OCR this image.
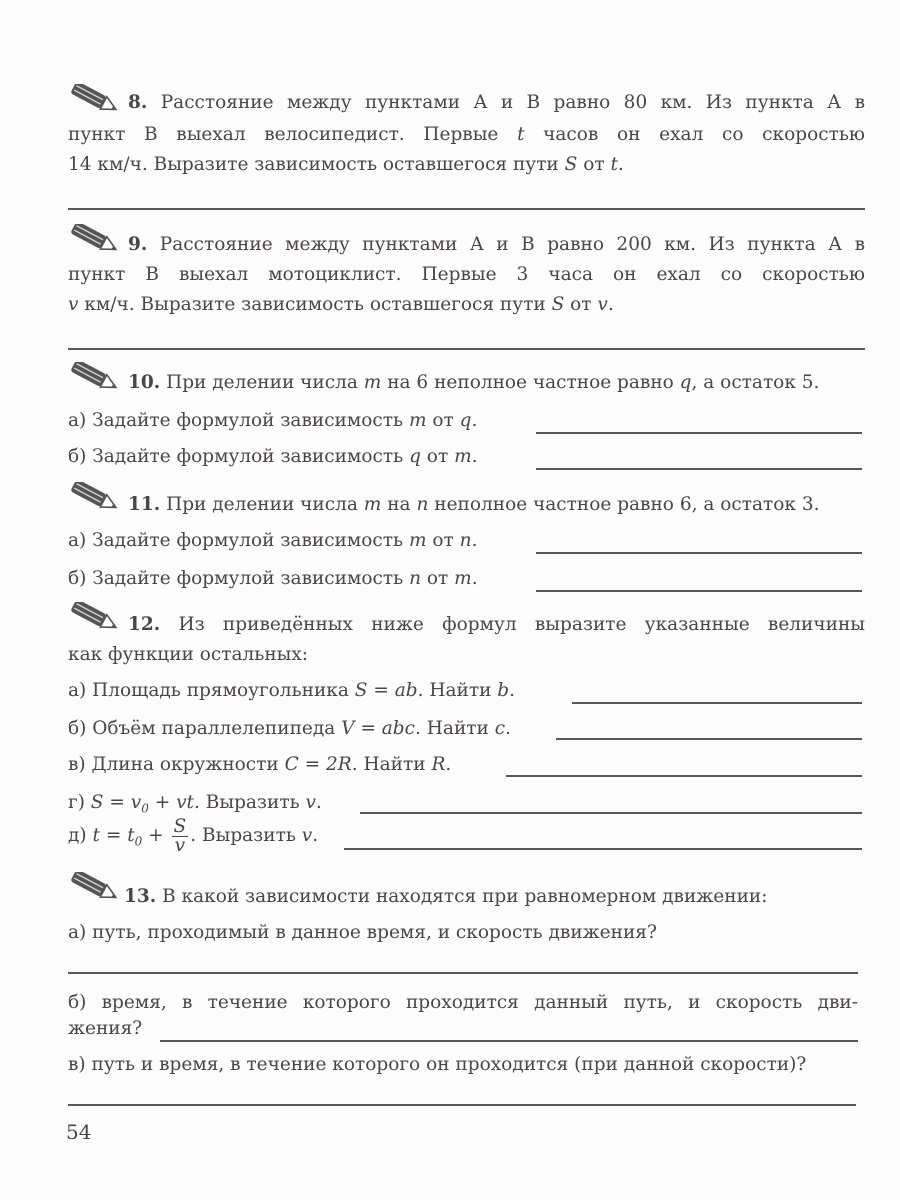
8. Расстояние между пунктами А и В равно 80 км. Из пункта А в
пункт В выехал велосипедист. Первые t часов он ехал со скоростью
14 км/ч. Выразите зависимость оставшегося пути S от t.
9. Расстояние между пунктами А и В равно 200 км. Из пункта А в
пункт В выехал мотоциклист. Первые 3 часа он ехал со скоростью
v км/ч. Выразите зависимость оставшегося пути S от v.
10. При делении числа m на 6 неполное частное равно q, а остаток 5.
а) Задайте формулой зависимость m от q.
б) Задайте формулой зависимость q от m.
11. При делении числа m на n неполное частное равно 6, а остаток 3.
а) Задайте формулой зависимость m от n.
б) Задайте формулой зависимость n от m.
12. Из приведённых ниже формул выразите указанные величины
как функции остальных:
а) Площадь прямоугольника S = ab. Найти b.
б) Объём параллелепипеда V = abc. Найти c.
в) Длина окружности C = 2R. Найти R.
г) $S = v_0$ + vt. Выразить v.
д) $t = t_0 + \frac{S}{v}$ . Выразить v.
13. В какой зависимости находятся при равномерном движении:
а) путь, проходимый в данное время, и скорость движения?
б) время, в течение которого проходится данный путь, и скорость дви-
жения?
в) путь и время, в течение которого он проходится (при данной скорости)?
54
